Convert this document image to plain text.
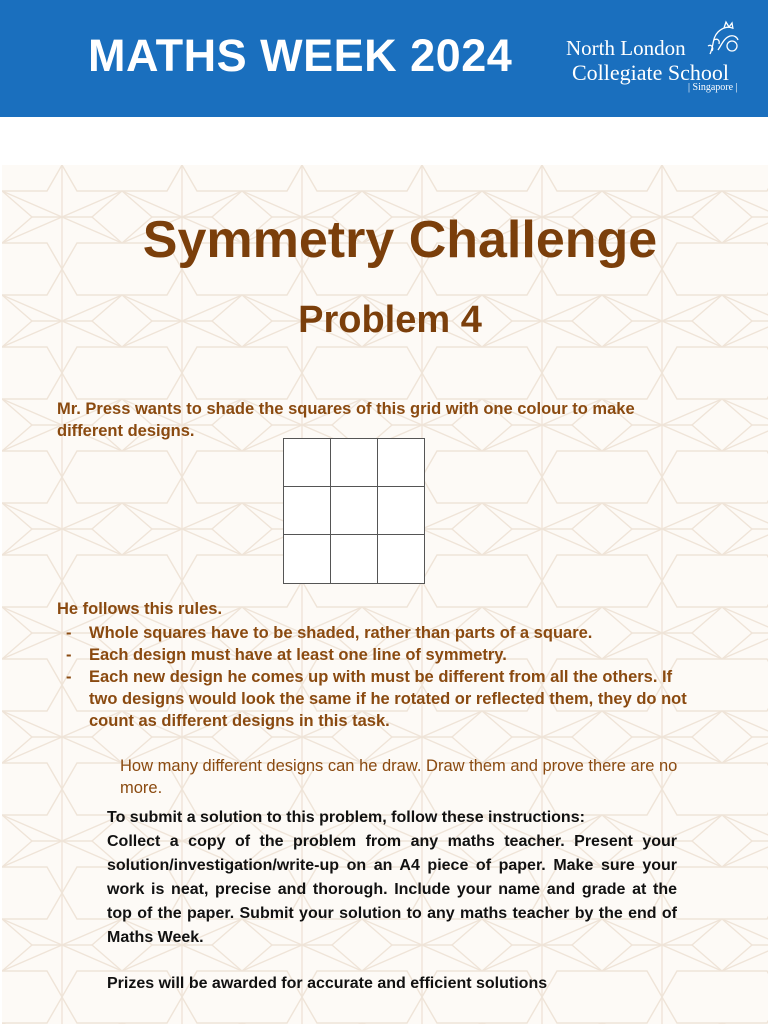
MATHS WEEK 2024	North London
Collegiate School
| Singapore |
Symmetry Challenge
Problem 4
Mr. Press wants to shade the squares of this grid with one colour to make different designs.
He follows this rules.
- Whole squares have to be shaded, rather than parts of a square.
- Each design must have at least one line of symmetry.
- Each new design he comes up with must be different from all the others. If two designs would look the same if he rotated or reflected them, they do not count as different designs in this task.
How many different designs can he draw. Draw them and prove there are no more.

To submit a solution to this problem, follow these instructions:

Collect a copy of the problem from any maths teacher. Present your solution/investigation/write-up on an A4 piece of paper. Make sure your work is neat, precise and thorough. Include your name and grade at the top of the paper. Submit your solution to any maths teacher by the end of Maths Week.

Prizes will be awarded for accurate and efficient solutions
